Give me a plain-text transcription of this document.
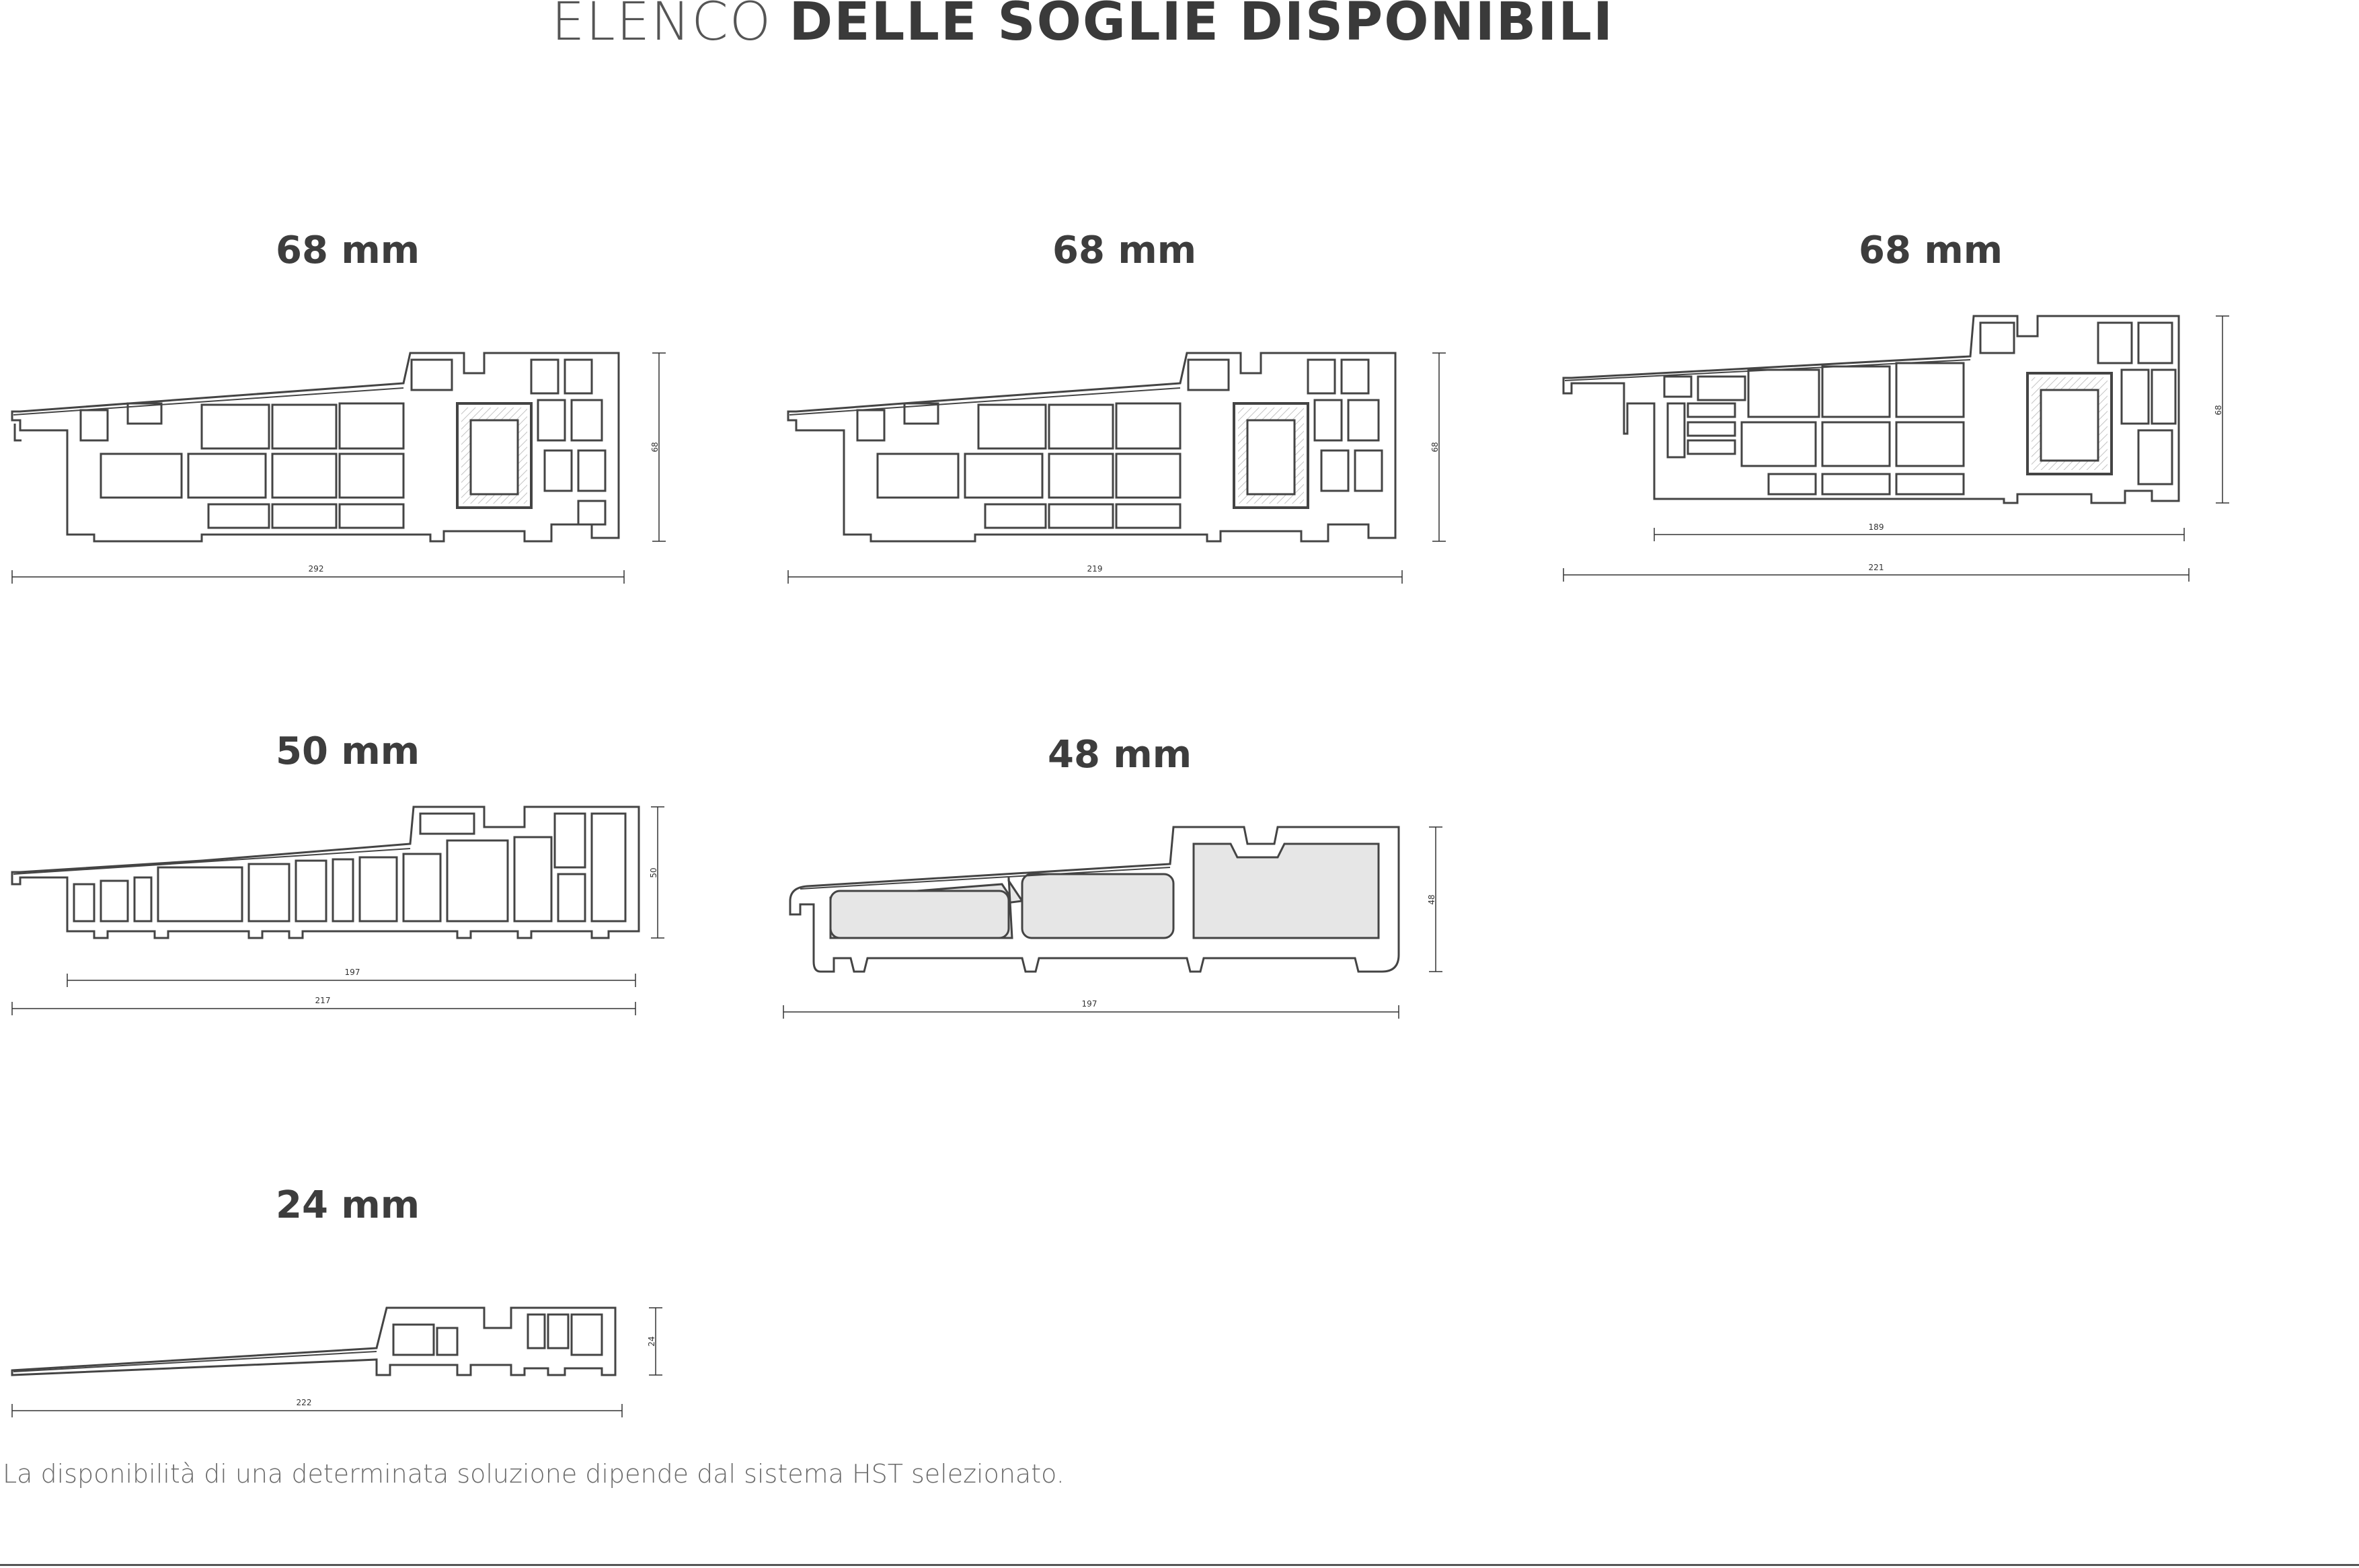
ELENCO DELLE SOGLIE DISPONIBILI
68 mm	68 mm	68 mm
50 mm	48 mm
24 mm
292
68
219
68
189
221
68
197
217
50
197
48
222
24
La disponibilità di una determinata soluzione dipende dal sistema HST selezionato.
